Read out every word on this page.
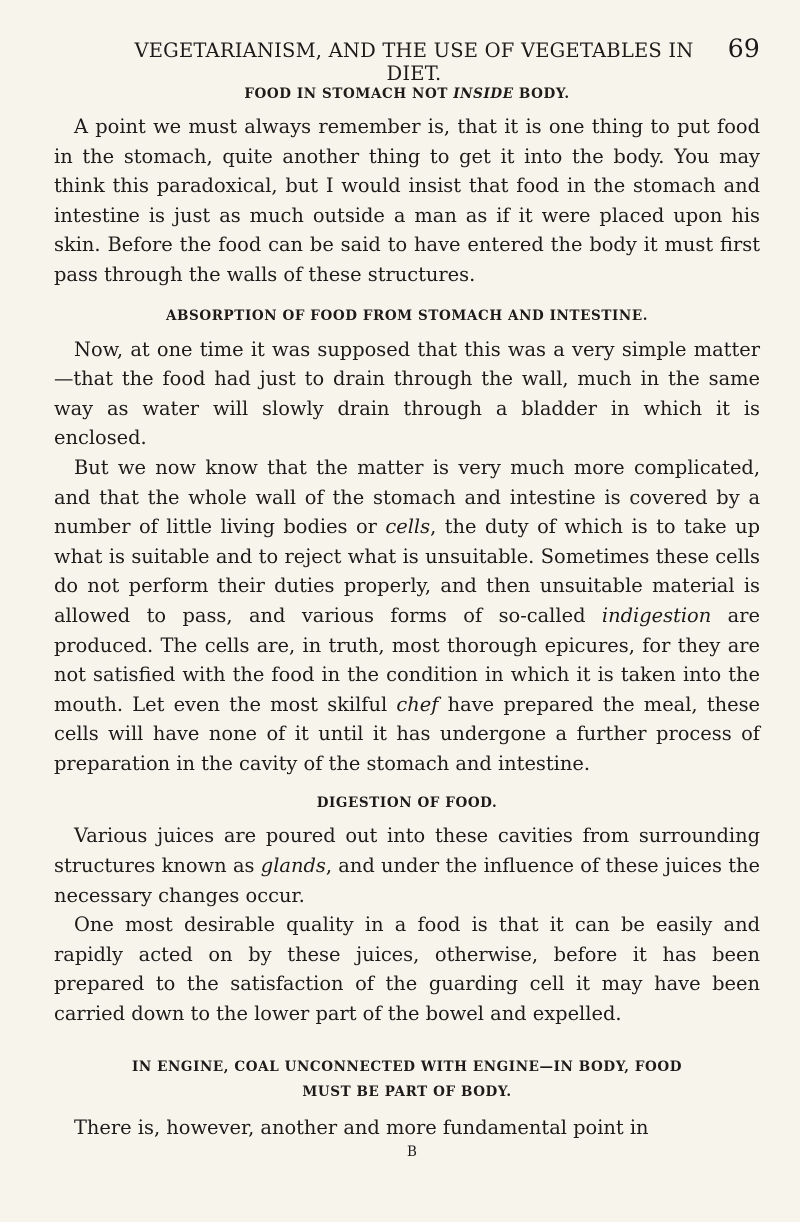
VEGETARIANISM, AND THE USE OF VEGETABLES IN DIET.
69
FOOD IN STOMACH NOT INSIDE BODY.

A point we must always remember is, that it is one thing to put food in the stomach, quite another thing to get it into the body. You may think this paradoxical, but I would insist that food in the stomach and intestine is just as much outside a man as if it were placed upon his skin. Before the food can be said to have entered the body it must first pass through the walls of these structures.

ABSORPTION OF FOOD FROM STOMACH AND INTESTINE.

Now, at one time it was supposed that this was a very simple matter—that the food had just to drain through the wall, much in the same way as water will slowly drain through a bladder in which it is enclosed.

But we now know that the matter is very much more complicated, and that the whole wall of the stomach and intestine is covered by a number of little living bodies or cells, the duty of which is to take up what is suitable and to reject what is unsuitable. Sometimes these cells do not perform their duties properly, and then unsuitable material is allowed to pass, and various forms of so-called indigestion are produced. The cells are, in truth, most thorough epicures, for they are not satisfied with the food in the condition in which it is taken into the mouth. Let even the most skilful chef have prepared the meal, these cells will have none of it until it has undergone a further process of preparation in the cavity of the stomach and intestine.

DIGESTION OF FOOD.

Various juices are poured out into these cavities from surrounding structures known as glands, and under the influence of these juices the necessary changes occur.

One most desirable quality in a food is that it can be easily and rapidly acted on by these juices, otherwise, before it has been prepared to the satisfaction of the guarding cell it may have been carried down to the lower part of the bowel and expelled.

IN ENGINE, COAL UNCONNECTED WITH ENGINE—IN BODY, FOOD
MUST BE PART OF BODY.

There is, however, another and more fundamental point in

B
